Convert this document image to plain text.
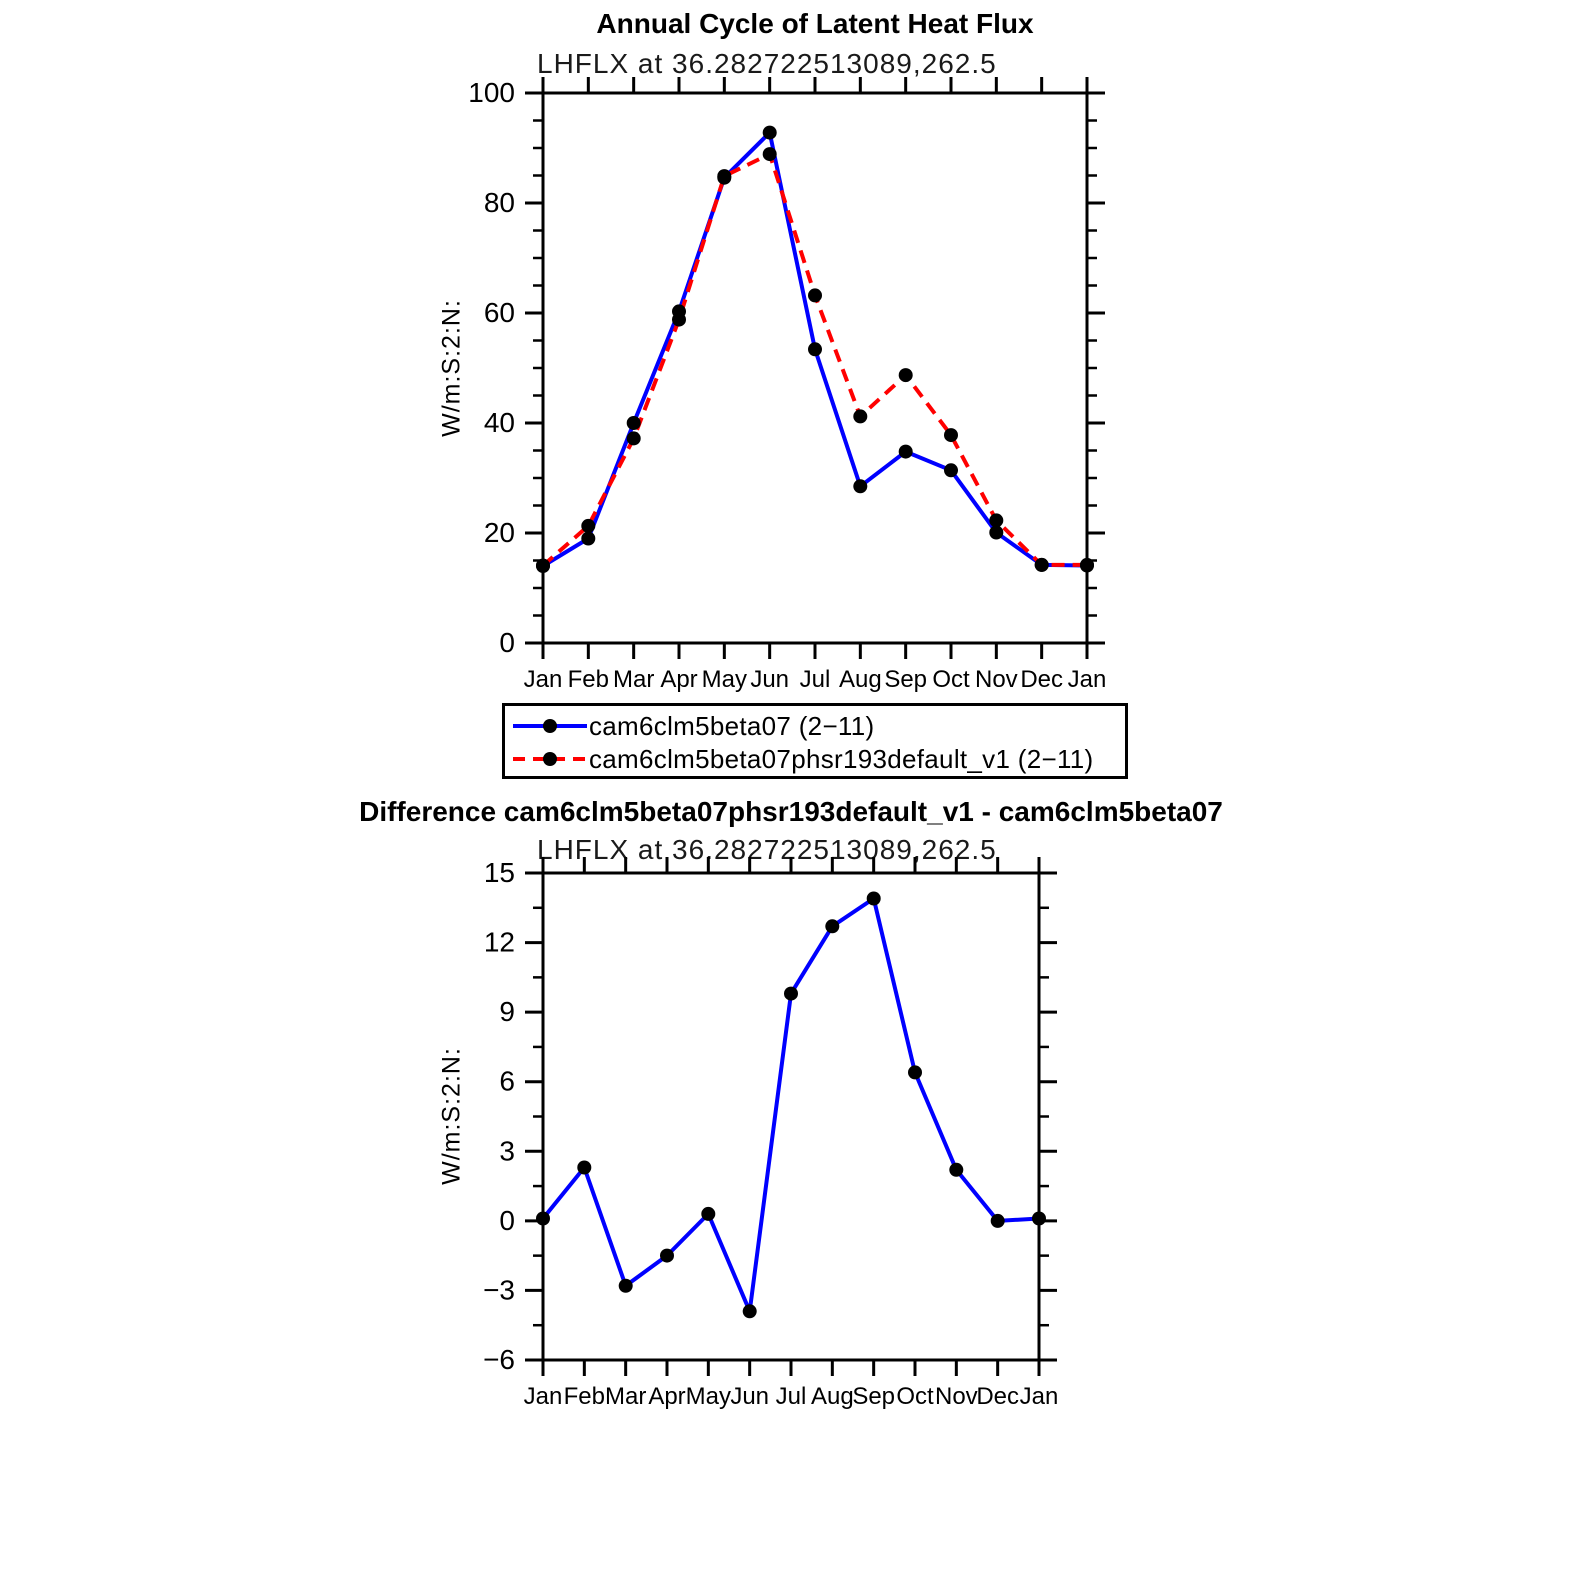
Annual Cycle of Latent Heat Flux
LHFLX at 36.282722513089,262.5
W/m:S:2:N:
Difference cam6clm5beta07phsr193default_v1 - cam6clm5beta07
LHFLX at 36.282722513089,262.5
W/m:S:2:N:
Jan Feb Mar Apr May Jun Jul Aug Sep Oct Nov Dec Jan
0
20
40
60
80
100
Jan Feb Mar Apr May Jun Jul Aug
Sep Oct Nov
Dec Jan
−6
−3
0
3
6
9
12
15
cam6clm5beta07 (2−11)
cam6clm5beta07phsr193default_v1 (2−11)
